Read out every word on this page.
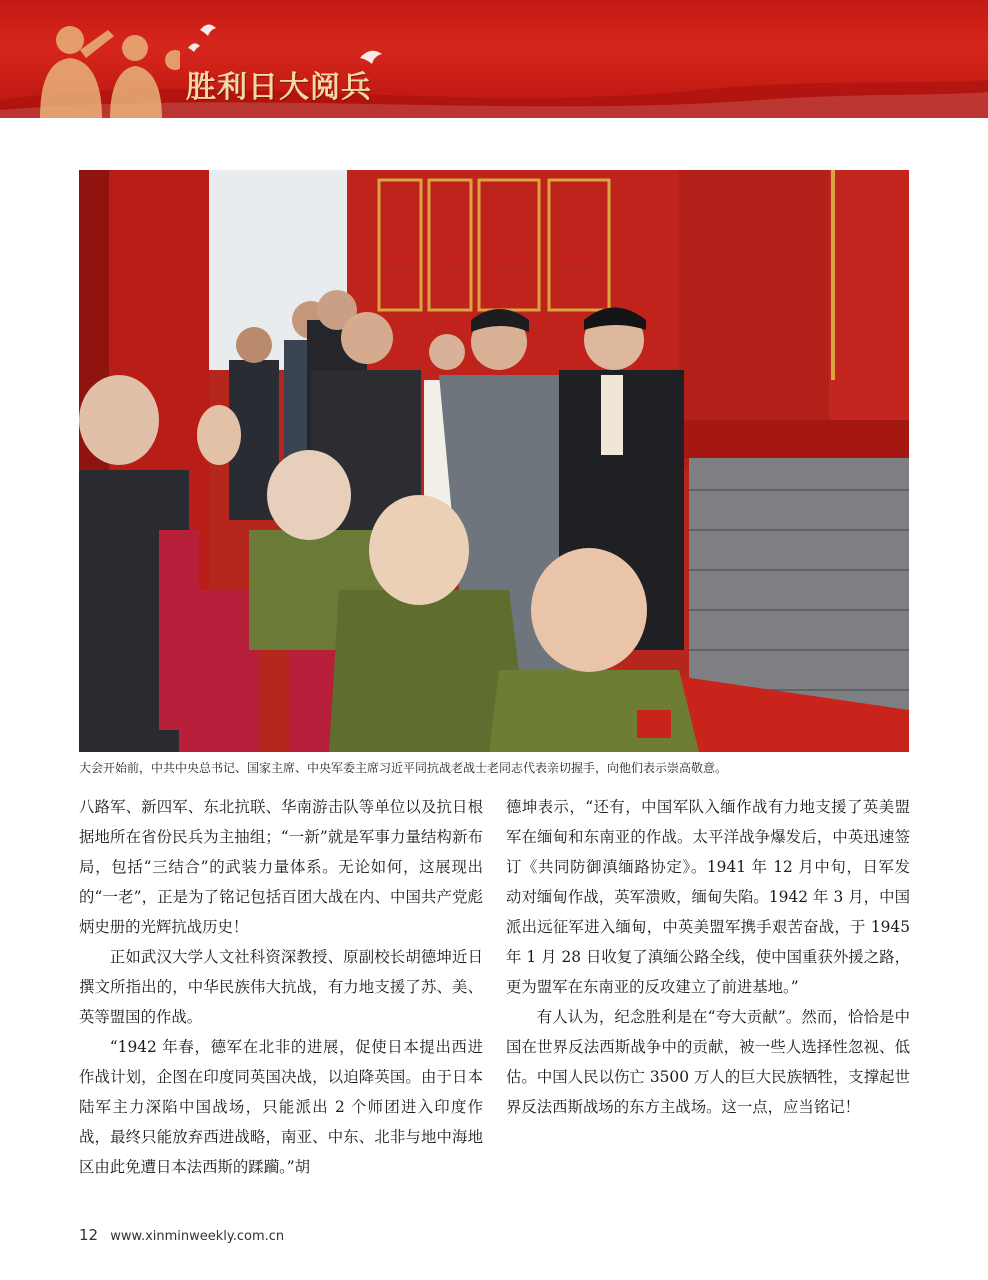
胜利日大阅兵
大会开始前，中共中央总书记、国家主席、中央军委主席习近平同抗战老战士老同志代表亲切握手，向他们表示崇高敬意。

八路军、新四军、东北抗联、华南游击队等单位以及抗日根据地所在省份民兵为主抽组；“一新”就是军事力量结构新布局，包括“三结合”的武装力量体系。无论如何，这展现出的“一老”，正是为了铭记包括百团大战在内、中国共产党彪炳史册的光辉抗战历史！

正如武汉大学人文社科资深教授、原副校长胡德坤近日撰文所指出的，中华民族伟大抗战，有力地支援了苏、美、英等盟国的作战。

“1942 年春，德军在北非的进展，促使日本提出西进作战计划，企图在印度同英国决战，以迫降英国。由于日本陆军主力深陷中国战场，只能派出 2 个师团进入印度作战，最终只能放弃西进战略，南亚、中东、北非与地中海地区由此免遭日本法西斯的蹂躏。”胡

德坤表示，“还有，中国军队入缅作战有力地支援了英美盟军在缅甸和东南亚的作战。太平洋战争爆发后，中英迅速签订《共同防御滇缅路协定》。1941 年 12 月中旬，日军发动对缅甸作战，英军溃败，缅甸失陷。1942 年 3 月，中国派出远征军进入缅甸，中英美盟军携手艰苦奋战，于 1945 年 1 月 28 日收复了滇缅公路全线，使中国重获外援之路，更为盟军在东南亚的反攻建立了前进基地。”

有人认为，纪念胜利是在“夸大贡献”。然而，恰恰是中国在世界反法西斯战争中的贡献，被一些人选择性忽视、低估。中国人民以伤亡 3500 万人的巨大民族牺牲，支撑起世界反法西斯战场的东方主战场。这一点，应当铭记！

12 www.xinminweekly.com.cn
